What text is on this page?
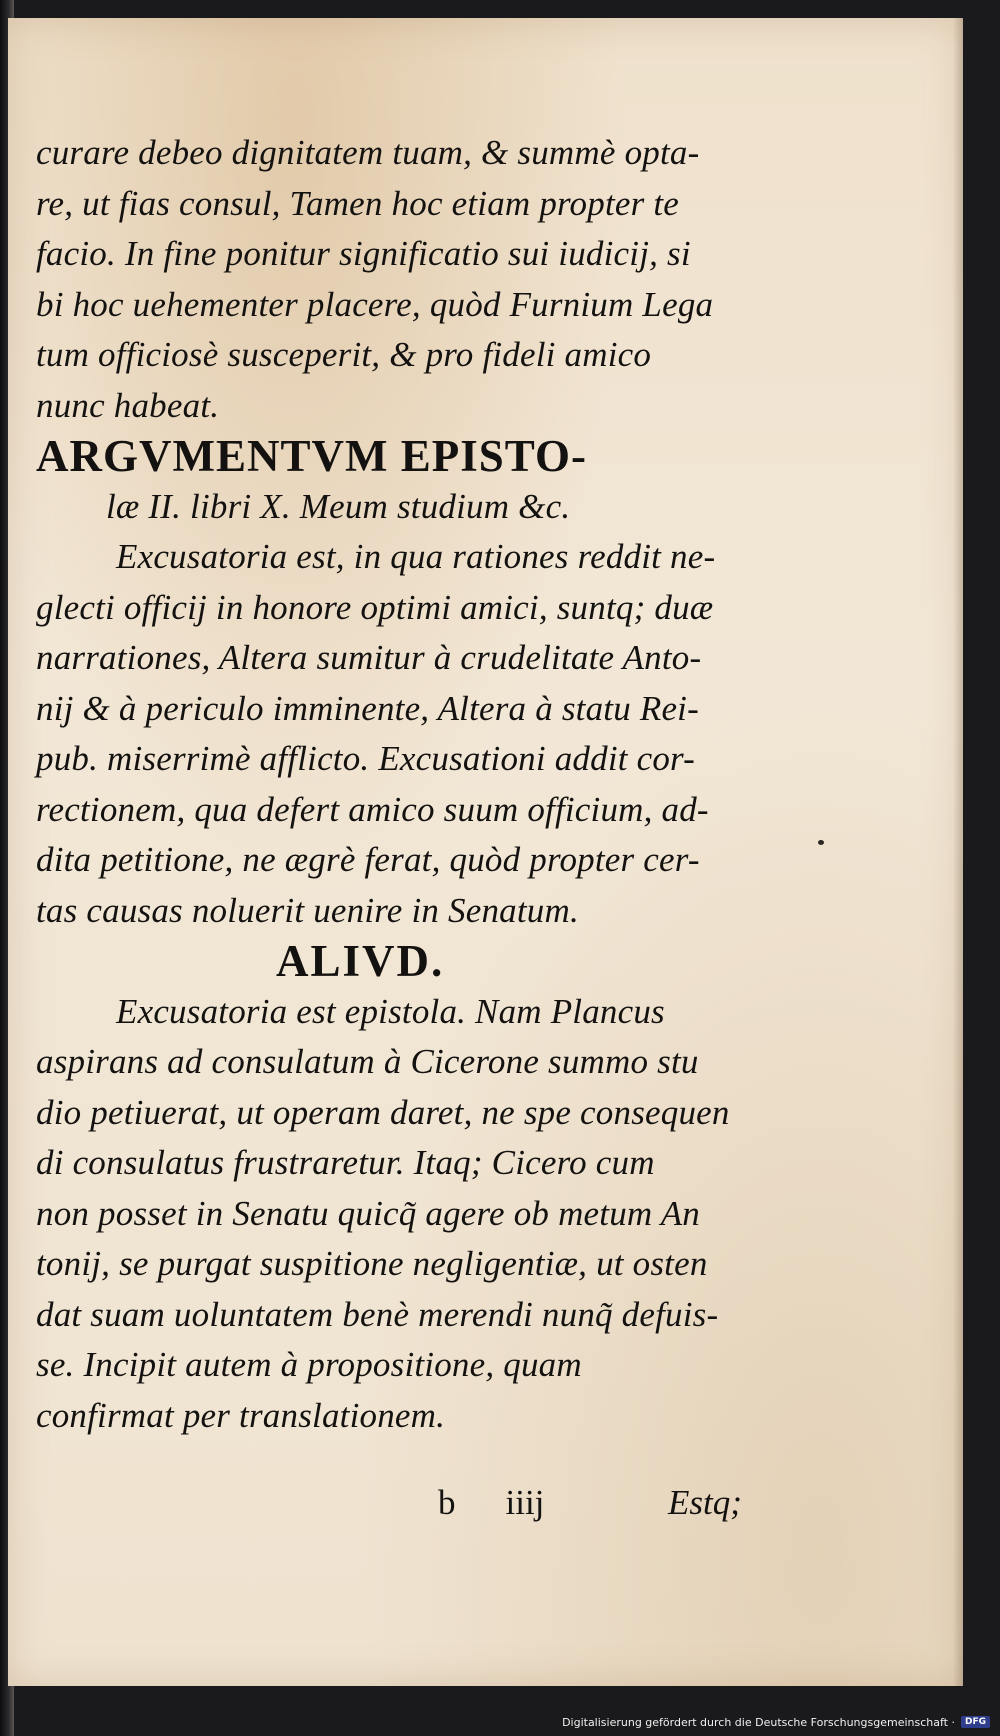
curare debeo dignitatem tuam, & summè opta-
re, ut fias consul, Tamen hoc etiam propter te
facio. In fine ponitur significatio sui iudicij, si
bi hoc uehementer placere, quòd Furnium Lega
tum officiosè susceperit, & pro fideli amico
nunc habeat.
ARGVMENTVM EPISTO-
læ II. libri X. Meum studium &c.
Excusatoria est, in qua rationes reddit ne-
glecti officij in honore optimi amici, suntq; duæ
narrationes, Altera sumitur à crudelitate Anto-
nij & à periculo imminente, Altera à statu Rei-
pub. miserrimè afflicto. Excusationi addit cor-
rectionem, qua defert amico suum officium, ad-
dita petitione, ne ægrè ferat, quòd propter cer-
tas causas noluerit uenire in Senatum.
ALIVD.
Excusatoria est epistola. Nam Plancus
aspirans ad consulatum à Cicerone summo stu
dio petiuerat, ut operam daret, ne spe consequen
di consulatus frustraretur. Itaq; Cicero cum
non posset in Senatu quicq̃ agere ob metum An
tonij, se purgat suspitione negligentiæ, ut osten
dat suam uoluntatem benè merendi nunq̃ defuis-
se. Incipit autem à propositione, quam
confirmat per translationem.
b iiij	Estq;
Digitalisierung gefördert durch die Deutsche Forschungsgemeinschaft ·	DFG
